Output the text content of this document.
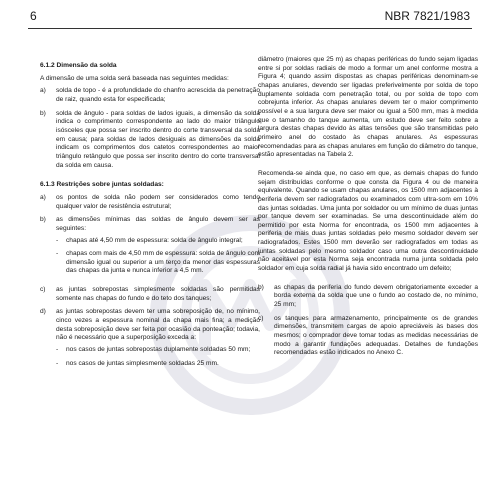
6	NBR 7821/1983

6.1.2 Dimensão da solda

A dimensão de uma solda será baseada nas seguintes medidas:

a)	solda de topo - é a profundidade do chanfro acrescida da penetração de raiz, quando esta for especificada;
b)	solda de ângulo - para soldas de lados iguais, a dimensão da solda indica o comprimento correspondente ao lado do maior triângulo isósceles que possa ser inscrito dentro do corte transversal da solda em causa; para soldas de lados desiguais as dimensões da solda indicam os comprimentos dos catetos correspondentes ao maior triângulo retângulo que possa ser inscrito dentro do corte transversal da solda em causa.

6.1.3 Restrições sobre juntas soldadas:

a)	os pontos de solda não podem ser considerados como tendo qualquer valor de resistência estrutural;
b)	as dimensões mínimas das soldas de ângulo devem ser as seguintes:
-	chapas até 4,50 mm de espessura: solda de ângulo integral;
-	chapas com mais de 4,50 mm de espessura: solda de ângulo com dimensão igual ou superior a um terço da menor das espessuras das chapas da junta e nunca inferior a 4,5 mm.
c)	as juntas sobrepostas simplesmente soldadas são permitidas somente nas chapas do fundo e do teto dos tanques;
d)	as juntas sobrepostas devem ter uma sobreposição de, no mínimo, cinco vezes a espessura nominal da chapa mais fina; a medição desta sobreposição deve ser feita por ocasião da ponteação; todavia, não é necessário que a superposição exceda a:
-	nos casos de juntas sobrepostas duplamente soldadas 50 mm;
-	nos casos de juntas simplesmente soldadas 25 mm.

diâmetro (maiores que 25 m) as chapas periféricas do fundo sejam ligadas entre si por soldas radiais de modo a formar um anel conforme mostra a Figura 4; quando assim dispostas as chapas periféricas denominam-se chapas anulares, devendo ser ligadas preferivelmente por solda de topo duplamente soldada com penetração total, ou por solda de topo com cobrejunta inferior. As chapas anulares devem ter o maior comprimento possível e a sua largura deve ser maior ou igual a 500 mm, mas à medida que o tamanho do tanque aumenta, um estudo deve ser feito sobre a largura destas chapas devido às altas tensões que são transmitidas pelo primeiro anel do costado às chapas anulares. As espessuras recomendadas para as chapas anulares em função do diâmetro do tanque, estão apresentadas na Tabela 2.

Recomenda-se ainda que, no caso em que, as demais chapas do fundo sejam distribuídas conforme o que consta da Figura 4 ou de maneira equivalente. Quando se usam chapas anulares, os 1500 mm adjacentes à periferia devem ser radiografados ou examinados com ultra-som em 10% das juntas soldadas. Uma junta por soldador ou um mínimo de duas juntas por tanque devem ser examinadas. Se uma descontinuidade além do permitido por esta Norma for encontrada, os 1500 mm adjacentes à periferia de mais duas juntas soldadas pelo mesmo soldador devem ser radiografados. Estes 1500 mm deverão ser radiografados em todas as juntas soldadas pelo mesmo soldador caso uma outra descontinuidade não aceitável por esta Norma seja encontrada numa junta soldada pelo soldador em cuja solda radial já havia sido encontrado um defeito;

b)	as chapas da periferia do fundo devem obrigatoriamente exceder a borda externa da solda que une o fundo ao costado de, no mínimo, 25 mm;
c)	os tanques para armazenamento, principalmente os de grandes dimensões, transmitem cargas de apoio apreciáveis às bases dos mesmos; o comprador deve tomar todas as medidas necessárias de modo a garantir fundações adequadas. Detalhes de fundações recomendadas estão indicados no Anexo C.
